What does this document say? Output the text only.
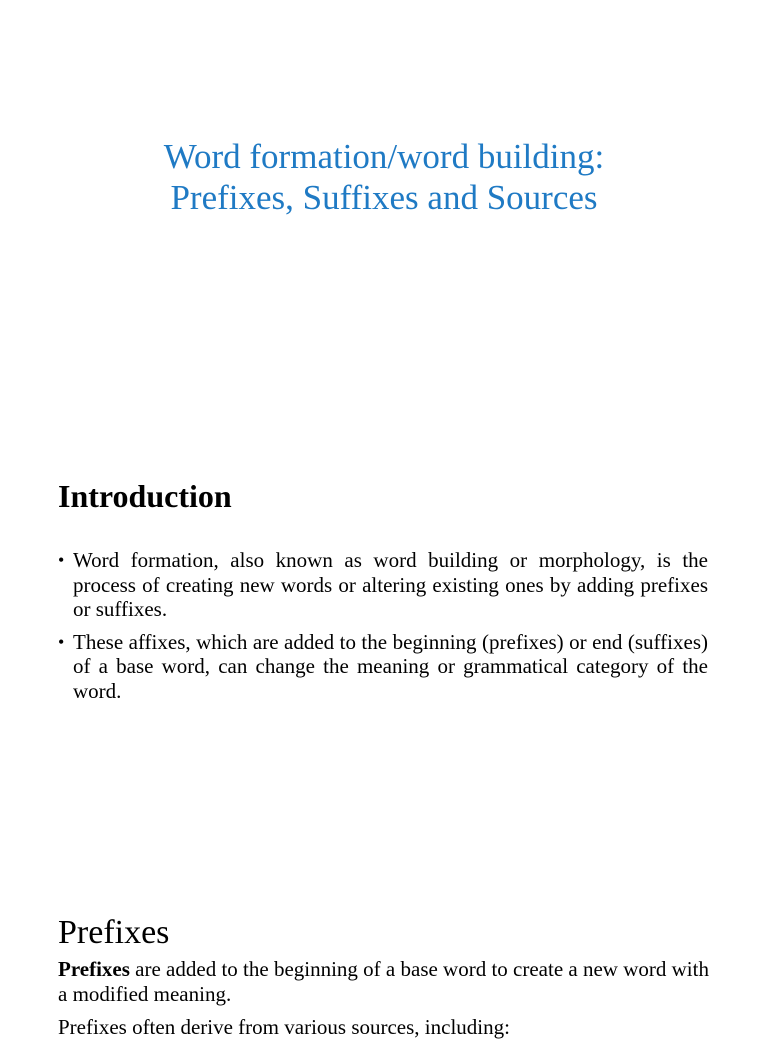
Word formation/word building:
Prefixes, Suffixes and Sources
Introduction
• Word formation, also known as word building or morphology, is the process of creating new words or altering existing ones by adding prefixes or suffixes.
• These affixes, which are added to the beginning (prefixes) or end (suffixes) of a base word, can change the meaning or grammatical category of the word.
Prefixes

Prefixes are added to the beginning of a base word to create a new word with a modified meaning.

Prefixes often derive from various sources, including:
